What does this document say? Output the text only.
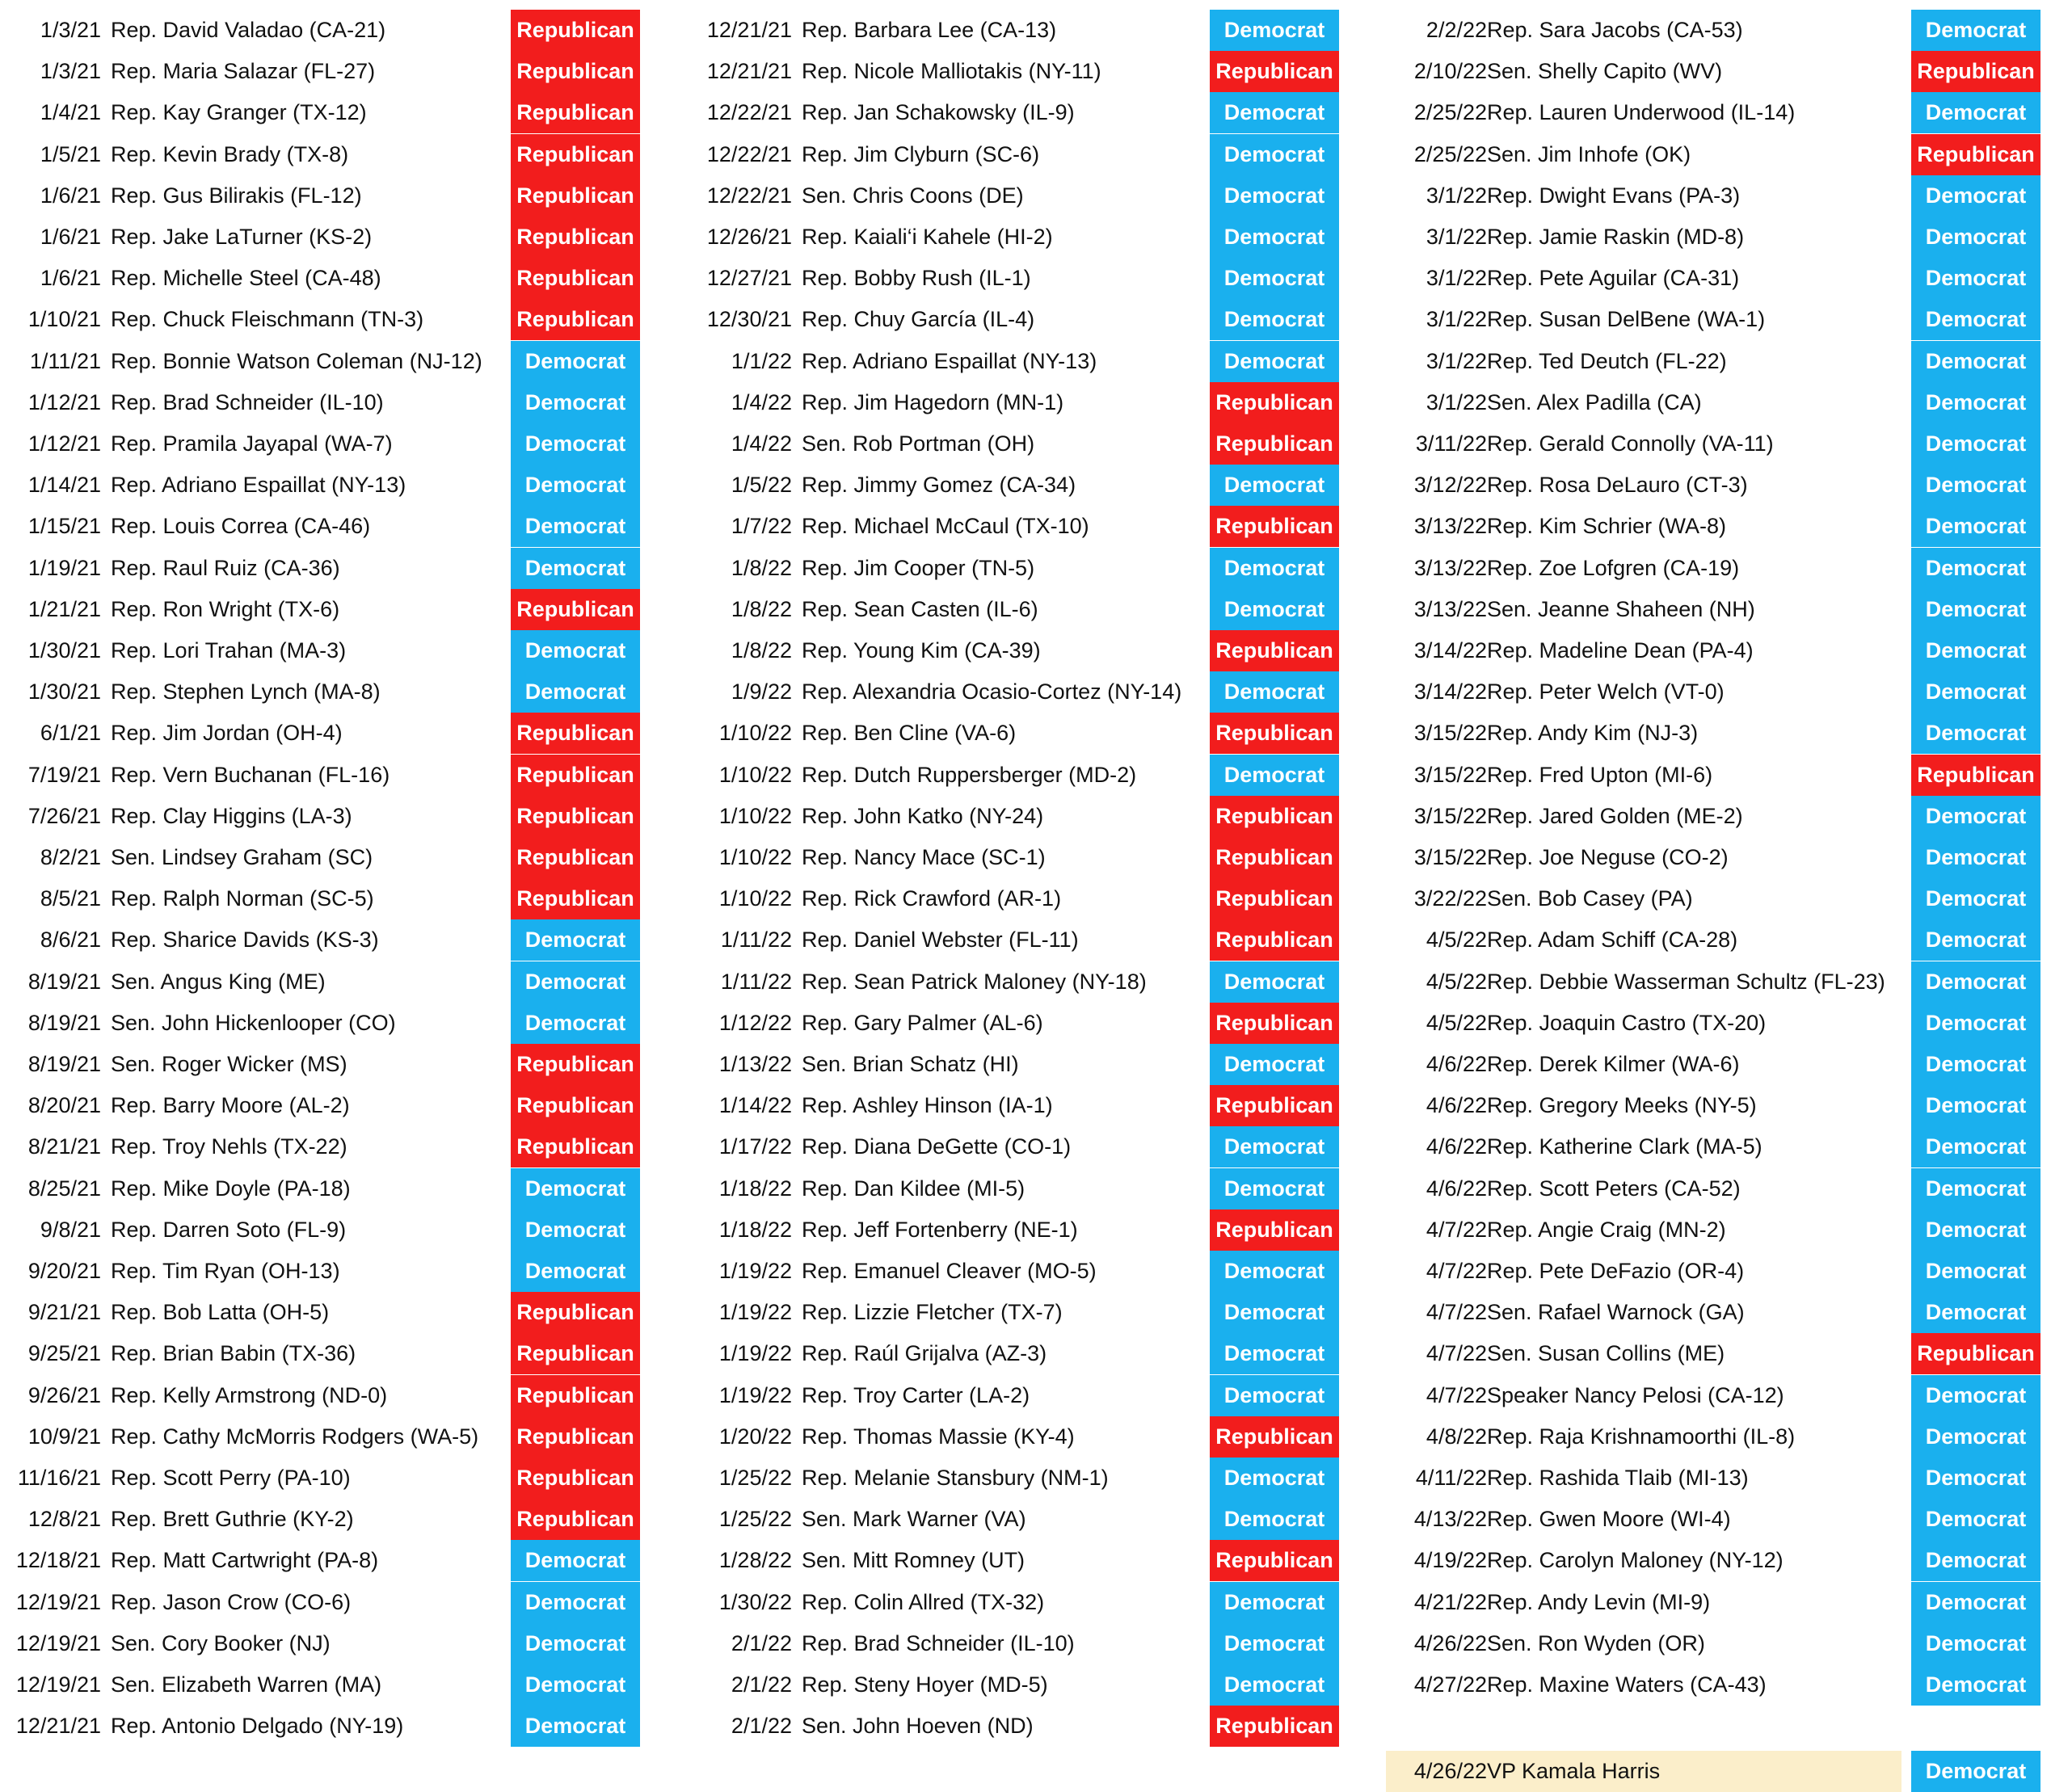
1/3/21 Rep. David Valadao (CA-21)	Republican
1/3/21 Rep. Maria Salazar (FL-27)	Republican
1/4/21 Rep. Kay Granger (TX-12)	Republican
1/5/21 Rep. Kevin Brady (TX-8)	Republican
1/6/21 Rep. Gus Bilirakis (FL-12)	Republican
1/6/21 Rep. Jake LaTurner (KS-2)	Republican
1/6/21 Rep. Michelle Steel (CA-48)	Republican
1/10/21 Rep. Chuck Fleischmann (TN-3)	Republican
1/11/21 Rep. Bonnie Watson Coleman (NJ-12)	Democrat
1/12/21 Rep. Brad Schneider (IL-10)	Democrat
1/12/21 Rep. Pramila Jayapal (WA-7)	Democrat
1/14/21 Rep. Adriano Espaillat (NY-13)	Democrat
1/15/21 Rep. Louis Correa (CA-46)	Democrat
1/19/21 Rep. Raul Ruiz (CA-36)	Democrat
1/21/21 Rep. Ron Wright (TX-6)	Republican
1/30/21 Rep. Lori Trahan (MA-3)	Democrat
1/30/21 Rep. Stephen Lynch (MA-8)	Democrat
6/1/21 Rep. Jim Jordan (OH-4)	Republican
7/19/21 Rep. Vern Buchanan (FL-16)	Republican
7/26/21 Rep. Clay Higgins (LA-3)	Republican
8/2/21 Sen. Lindsey Graham (SC)	Republican
8/5/21 Rep. Ralph Norman (SC-5)	Republican
8/6/21 Rep. Sharice Davids (KS-3)	Democrat
8/19/21 Sen. Angus King (ME)	Democrat
8/19/21 Sen. John Hickenlooper (CO)	Democrat
8/19/21 Sen. Roger Wicker (MS)	Republican
8/20/21 Rep. Barry Moore (AL-2)	Republican
8/21/21 Rep. Troy Nehls (TX-22)	Republican
8/25/21 Rep. Mike Doyle (PA-18)	Democrat
9/8/21 Rep. Darren Soto (FL-9)	Democrat
9/20/21 Rep. Tim Ryan (OH-13)	Democrat
9/21/21 Rep. Bob Latta (OH-5)	Republican
9/25/21 Rep. Brian Babin (TX-36)	Republican
9/26/21 Rep. Kelly Armstrong (ND-0)	Republican
10/9/21 Rep. Cathy McMorris Rodgers (WA-5) Republican
11/16/21 Rep. Scott Perry (PA-10)	Republican
12/8/21 Rep. Brett Guthrie (KY-2)	Republican
12/18/21 Rep. Matt Cartwright (PA-8)	Democrat
12/19/21 Rep. Jason Crow (CO-6)	Democrat
12/19/21 Sen. Cory Booker (NJ)	Democrat
12/19/21 Sen. Elizabeth Warren (MA)	Democrat
12/21/21 Rep. Antonio Delgado (NY-19)	Democrat
12/21/21 Rep. Barbara Lee (CA-13)	Democrat
12/21/21 Rep. Nicole Malliotakis (NY-11)	Republican
12/22/21 Rep. Jan Schakowsky (IL-9)	Democrat
12/22/21 Rep. Jim Clyburn (SC-6)	Democrat
12/22/21 Sen. Chris Coons (DE)	Democrat
12/26/21 Rep. Kaiali‘i Kahele (HI-2)	Democrat
12/27/21 Rep. Bobby Rush (IL-1)	Democrat
12/30/21 Rep. Chuy García (IL-4)	Democrat
1/1/22 Rep. Adriano Espaillat (NY-13)	Democrat
1/4/22 Rep. Jim Hagedorn (MN-1)	Republican
1/4/22 Sen. Rob Portman (OH)	Republican
1/5/22 Rep. Jimmy Gomez (CA-34)	Democrat
1/7/22 Rep. Michael McCaul (TX-10)	Republican
1/8/22 Rep. Jim Cooper (TN-5)	Democrat
1/8/22 Rep. Sean Casten (IL-6)	Democrat
1/8/22 Rep. Young Kim (CA-39)	Republican
1/9/22 Rep. Alexandria Ocasio-Cortez (NY-14)	Democrat
1/10/22 Rep. Ben Cline (VA-6)	Republican
1/10/22 Rep. Dutch Ruppersberger (MD-2)	Democrat
1/10/22 Rep. John Katko (NY-24)	Republican
1/10/22 Rep. Nancy Mace (SC-1)	Republican
1/10/22 Rep. Rick Crawford (AR-1)	Republican
1/11/22 Rep. Daniel Webster (FL-11)	Republican
1/11/22 Rep. Sean Patrick Maloney (NY-18)	Democrat
1/12/22 Rep. Gary Palmer (AL-6)	Republican
1/13/22 Sen. Brian Schatz (HI)	Democrat
1/14/22 Rep. Ashley Hinson (IA-1)	Republican
1/17/22 Rep. Diana DeGette (CO-1)	Democrat
1/18/22 Rep. Dan Kildee (MI-5)	Democrat
1/18/22 Rep. Jeff Fortenberry (NE-1)	Republican
1/19/22 Rep. Emanuel Cleaver (MO-5)	Democrat
1/19/22 Rep. Lizzie Fletcher (TX-7)	Democrat
1/19/22 Rep. Raúl Grijalva (AZ-3)	Democrat
1/19/22 Rep. Troy Carter (LA-2)	Democrat
1/20/22 Rep. Thomas Massie (KY-4)	Republican
1/25/22 Rep. Melanie Stansbury (NM-1)	Democrat
1/25/22 Sen. Mark Warner (VA)	Democrat
1/28/22 Sen. Mitt Romney (UT)	Republican
1/30/22 Rep. Colin Allred (TX-32)	Democrat
2/1/22 Rep. Brad Schneider (IL-10)	Democrat
2/1/22 Rep. Steny Hoyer (MD-5)	Democrat
2/1/22 Sen. John Hoeven (ND)	Republican
2/2/22 Rep. Sara Jacobs (CA-53)	Democrat
2/10/22 Sen. Shelly Capito (WV)	Republican
2/25/22 Rep. Lauren Underwood (IL-14)	Democrat
2/25/22 Sen. Jim Inhofe (OK)	Republican
3/1/22 Rep. Dwight Evans (PA-3)	Democrat
3/1/22 Rep. Jamie Raskin (MD-8)	Democrat
3/1/22 Rep. Pete Aguilar (CA-31)	Democrat
3/1/22 Rep. Susan DelBene (WA-1)	Democrat
3/1/22 Rep. Ted Deutch (FL-22)	Democrat
3/1/22 Sen. Alex Padilla (CA)	Democrat
3/11/22 Rep. Gerald Connolly (VA-11)	Democrat
3/12/22 Rep. Rosa DeLauro (CT-3)	Democrat
3/13/22 Rep. Kim Schrier (WA-8)	Democrat
3/13/22 Rep. Zoe Lofgren (CA-19)	Democrat
3/13/22 Sen. Jeanne Shaheen (NH)	Democrat
3/14/22 Rep. Madeline Dean (PA-4)	Democrat
3/14/22 Rep. Peter Welch (VT-0)	Democrat
3/15/22 Rep. Andy Kim (NJ-3)	Democrat
3/15/22 Rep. Fred Upton (MI-6)	Republican
3/15/22 Rep. Jared Golden (ME-2)	Democrat
3/15/22 Rep. Joe Neguse (CO-2)	Democrat
3/22/22 Sen. Bob Casey (PA)	Democrat
4/5/22 Rep. Adam Schiff (CA-28)	Democrat
4/5/22 Rep. Debbie Wasserman Schultz (FL-23)	Democrat
4/5/22 Rep. Joaquin Castro (TX-20)	Democrat
4/6/22 Rep. Derek Kilmer (WA-6)	Democrat
4/6/22 Rep. Gregory Meeks (NY-5)	Democrat
4/6/22 Rep. Katherine Clark (MA-5)	Democrat
4/6/22 Rep. Scott Peters (CA-52)	Democrat
4/7/22 Rep. Angie Craig (MN-2)	Democrat
4/7/22 Rep. Pete DeFazio (OR-4)	Democrat
4/7/22 Sen. Rafael Warnock (GA)	Democrat
4/7/22 Sen. Susan Collins (ME)	Republican
4/7/22 Speaker Nancy Pelosi (CA-12)	Democrat
4/8/22 Rep. Raja Krishnamoorthi (IL-8)	Democrat
4/11/22 Rep. Rashida Tlaib (MI-13)	Democrat
4/13/22 Rep. Gwen Moore (WI-4)	Democrat
4/19/22 Rep. Carolyn Maloney (NY-12)	Democrat
4/21/22 Rep. Andy Levin (MI-9)	Democrat
4/26/22 Sen. Ron Wyden (OR)	Democrat
4/27/22 Rep. Maxine Waters (CA-43)	Democrat
4/26/22 VP Kamala Harris	Democrat
